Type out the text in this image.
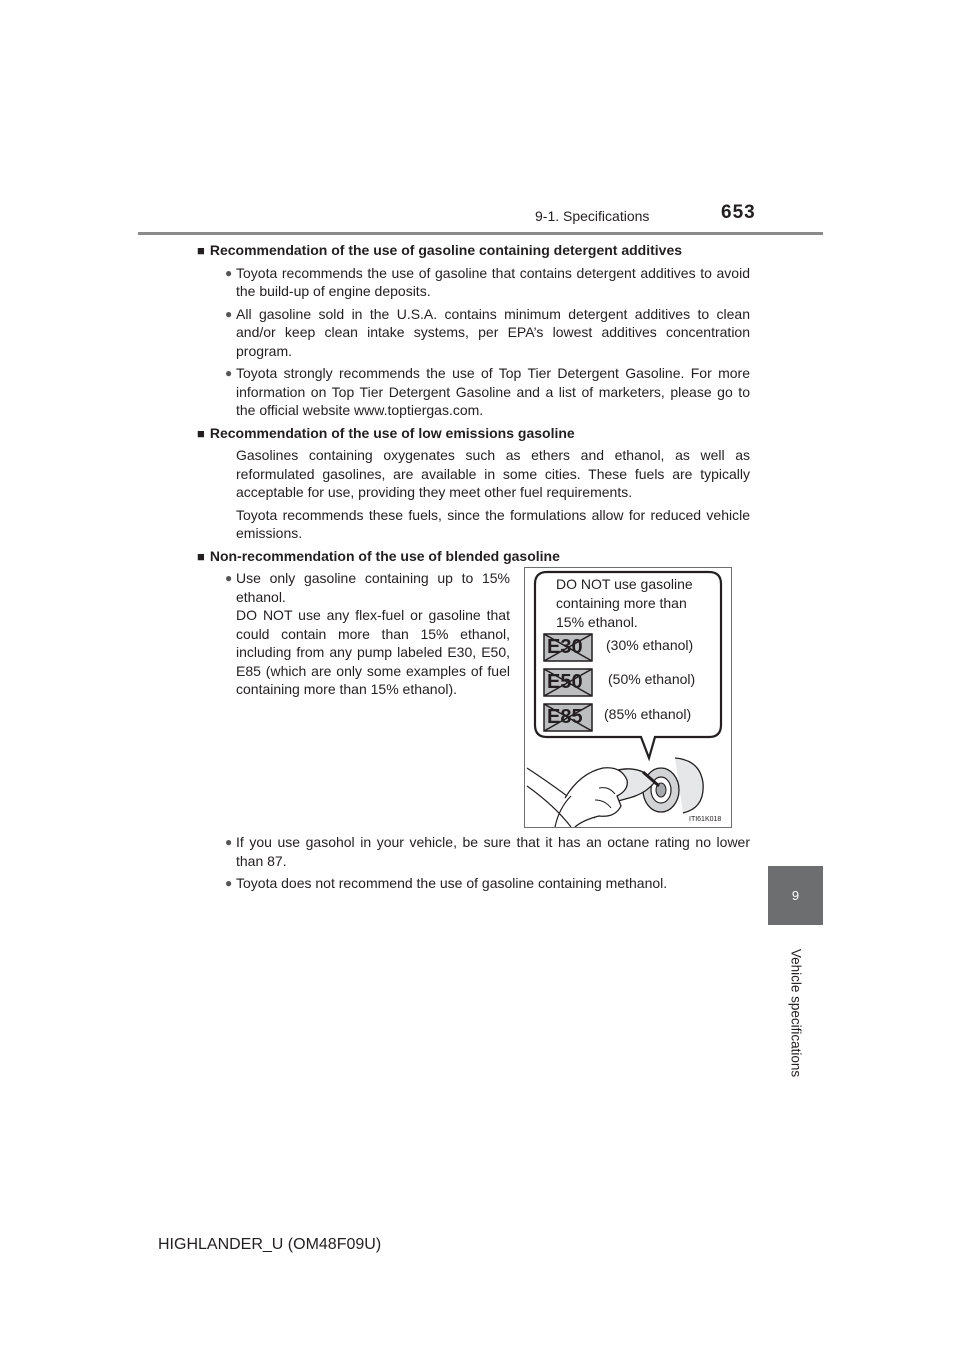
9-1. Specifications	653
9
Vehicle specifications
■ Recommendation of the use of gasoline containing detergent additives
● Toyota recommends the use of gasoline that contains detergent additives to avoid the build-up of engine deposits.
● All gasoline sold in the U.S.A. contains minimum detergent additives to clean and/or keep clean intake systems, per EPA’s lowest additives concentration program.
● Toyota strongly recommends the use of Top Tier Detergent Gasoline. For more information on Top Tier Detergent Gasoline and a list of marketers, please go to the official website www.toptiergas.com.
■ Recommendation of the use of low emissions gasoline
Gasolines containing oxygenates such as ethers and ethanol, as well as reformulated gasolines, are available in some cities. These fuels are typically acceptable for use, providing they meet other fuel requirements.
Toyota recommends these fuels, since the formulations allow for reduced vehicle emissions.
■ Non-recommendation of the use of blended gasoline
● Use only gasoline containing up to 15% ethanol.
DO NOT use any flex-fuel or gasoline that could contain more than 15% ethanol, including from any pump labeled E30, E50, E85 (which are only some examples of fuel containing more than 15% ethanol).
● If you use gasohol in your vehicle, be sure that it has an octane rating no lower than 87.
● Toyota does not recommend the use of gasoline containing methanol.
DO NOT use gasoline
containing more than
15% ethanol.
E30
E50
E85
(30% ethanol)
(50% ethanol)
(85% ethanol)
ITI61K018
HIGHLANDER_U (OM48F09U)
